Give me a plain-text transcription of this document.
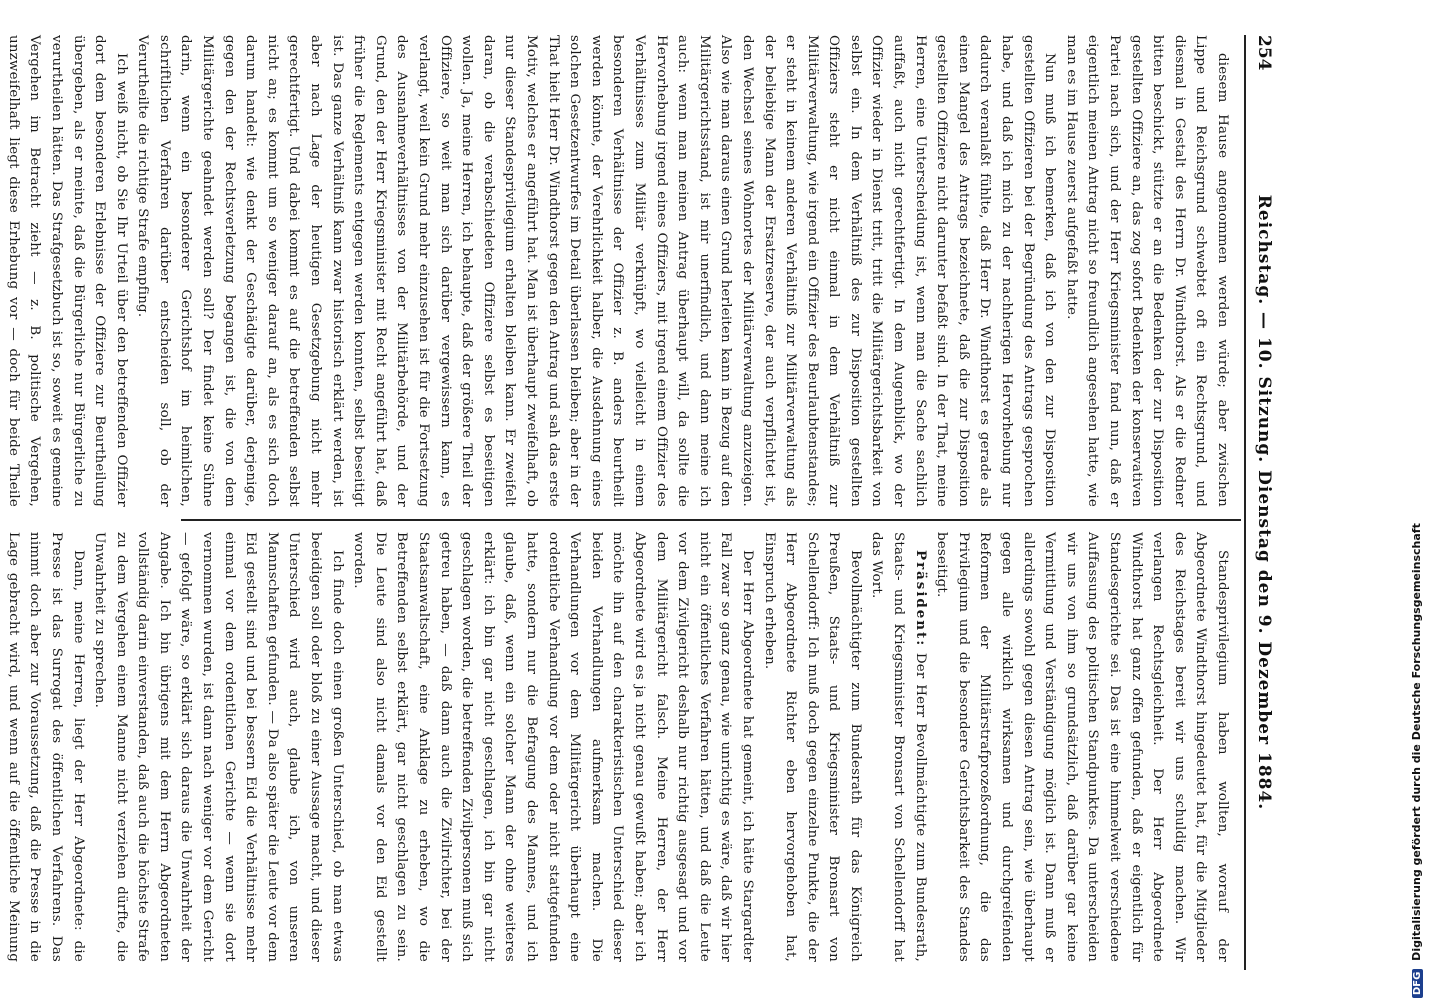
254
Reichstag. — 10. Sitzung. Dienstag den 9. Dezember 1884.

diesem Hause angenommen werden würde; aber zwischen Lippe und Reichsgrund schwebtet oft ein Rechtsgrund, und diesmal in Gestalt des Herrn Dr. Windthorst. Als er die Redner bitten beschickt, stützte er an die Bedenken der zur Disposition gestellten Offiziere an, das zog sofort Bedenken der konservativen Partei nach sich, und der Herr Kriegsminister fand nun, daß er eigentlich meinen Antrag nicht so freundlich angesehen hatte, wie man es im Hause zuerst aufgefaßt hatte.

Nun muß ich bemerken, daß ich von den zur Disposition gestellten Offizieren bei der Begründung des Antrags gesprochen habe, und daß ich mich zu der nachherigen Hervorhebung nur dadurch veranlaßt fühlte, daß Herr Dr. Windthorst es gerade als einen Mangel des Antrags bezeichnete, daß die zur Disposition gestellten Offiziere nicht darunter befaßt sind. In der That, meine Herren, eine Unterscheidung ist, wenn man die Sache sachlich auffaßt, auch nicht gerechtfertigt. In dem Augenblick, wo der Offizier wieder in Dienst tritt, tritt die Militärgerichtsbarkeit von selbst ein. In dem Verhältniß des zur Disposition gestellten Offiziers steht er nicht einmal in dem Verhältniß zur Militärverwaltung, wie irgend ein Offizier des Beurlaubtenstandes; er steht in keinem anderen Verhältniß zur Militärverwaltung als der beliebige Mann der Ersatzreserve, der auch verpflichtet ist, den Wechsel seines Wohnortes der Militärverwaltung anzuzeigen. Also wie man daraus einen Grund herleiten kann in Bezug auf den Militärgerichtsstand, ist mir unerfindlich, und dann meine ich auch: wenn man meinen Antrag überhaupt will, da sollte die Hervorhebung irgend eines Offiziers, mit irgend einem Offizier des Verhältnisses zum Militär verknüpft, wo vielleicht in einem besonderen Verhältnisse der Offizier z. B. anders beurtheilt werden könnte, der Verehrlichkeit halber, die Ausdehnung eines solchen Gesetzentwurfes im Detail überlassen bleiben; aber in der That hielt Herr Dr. Windthorst gegen den Antrag und sah das erste Motiv, welches er angeführt hat. Man ist überhaupt zweifelhaft, ob nur dieser Standesprivilegium erhalten bleiben kann. Er zweifelt daran, ob die verabschiedeten Offiziere selbst es beseitigen wollen. Ja, meine Herren, ich behaupte, daß der größere Theil der Offiziere, so weit man sich darüber vergewissern kann, es verlangt, weil kein Grund mehr einzusehen ist für die Fortsetzung des Ausnahmeverhältnisses von der Militärbehörde, und der Grund, den der Herr Kriegsminister mit Recht angeführt hat, daß früher die Reglements entgegen werden konnten, selbst beseitigt ist. Das ganze Verhältniß kann zwar historisch erklärt werden, ist aber nach Lage der heutigen Gesetzgebung nicht mehr gerechtfertigt. Und dabei kommt es auf die betreffenden selbst nicht an; es kommt um so weniger darauf an, als es sich doch darum handelt: wie denkt der Geschädigte darüber, derjenige, gegen den der Rechtsverletzung begangen ist, die von dem Militärgerichte geahndet werden soll? Der findet keine Sühne darin, wenn ein besonderer Gerichtshof im heimlichen, schriftlichen Verfahren darüber entscheiden soll, ob der Verurtheilte die richtige Strafe empfing.

Ich weiß nicht, ob Sie Ihr Urteil über den betreffenden Offizier dort dem besonderen Erlebnisse der Offiziere zur Beurtheilung übergeben, als er meinte, daß die Bürgerliche nur Bürgerliche zu verurtheilen hätten. Das Strafgesetzbuch ist so, soweit es gemeine Vergehen im Betracht zieht — z. B. politische Vergehen, unzweifelhaft liegt diese Erhebung vor — doch für beide Theile

Standesprivilegium haben wollten, worauf der Abgeordnete Windthorst hingedeutet hat, für die Mitglieder des Reichstages bereit wir uns schuldig machen. Wir verlangen Rechtsgleichheit. Der Herr Abgeordnete Windthorst hat ganz offen gefunden, daß er eigentlich für Standesgerichte sei. Das ist eine himmelweit verschiedene Auffassung des politischen Standpunktes. Da unterscheiden wir uns von ihm so grundsätzlich, daß darüber gar keine Vermittlung und Verständigung möglich ist. Dann muß er allerdings sowohl gegen diesen Antrag sein, wie überhaupt gegen alle wirklich wirksamen und durchgreifenden Reformen der Militärstrafprozeßordnung, die das Privilegium und die besondere Gerichtsbarkeit des Standes beseitigt.

Präsident: Der Herr Bevollmächtigte zum Bundesrath, Staats- und Kriegsminister Bronsart von Schellendorff hat das Wort.

Bevollmächtigter zum Bundesrath für das Königreich Preußen, Staats- und Kriegsminister Bronsart von Schellendorff: Ich muß doch gegen einzelne Punkte, die der Herr Abgeordnete Richter eben hervorgehoben hat, Einspruch erheben.

Der Herr Abgeordnete hat gemeint, ich hätte Stargardter Fall zwar so ganz genau, wie unrichtig es wäre, daß wir hier nicht ein öffentliches Verfahren hätten, und daß die Leute vor dem Zivilgericht deshalb nur richtig ausgesagt und vor dem Militärgericht falsch. Meine Herren, der Herr Abgeordnete wird es ja nicht genau gewußt haben; aber ich möchte ihn auf den charakteristischen Unterschied dieser beiden Verhandlungen aufmerksam machen. Die Verhandlungen vor dem Militärgericht überhaupt eine ordentliche Verhandlung vor dem oder nicht stattgefunden hatte, sondern nur die Befragung des Mannes, und ich glaube, daß, wenn ein solcher Mann der ohne weiteres erklärt: ich bin gar nicht geschlagen, ich bin gar nicht geschlagen worden, die betreffenden Zivilpersonen muß sich getreu haben, — daß dann auch die Zivilrichter, bei der Staatsanwaltschaft, eine Anklage zu erheben, wo die Betreffenden selbst erklärt, gar nicht geschlagen zu sein. Die Leute sind also nicht damals vor den Eid gestellt worden.

Ich finde doch einen großen Unterschied, ob man etwas beeidigen soll oder bloß zu einer Aussage macht, und dieser Unterschied wird auch, glaube ich, von unseren Mannschaften gefunden. — Da also später die Leute vor dem Eid gestellt sind und bei bessern Eid die Verhältnisse mehr einmal vor dem ordentlichen Gerichte — wenn sie dort vernommen wurden, ist dann nach weniger vor dem Gericht — gefolgt wäre, so erklärt sich daraus die Unwahrheit der Angabe. Ich bin übrigens mit dem Herrn Abgeordneten vollständig darin einverstanden, daß auch die höchste Strafe zu dem Vergehen einem Manne nicht verziehen dürfte, die Unwahrheit zu sprechen.

Dann, meine Herren, liegt der Herr Abgeordnete: die Presse ist das Surrogat des öffentlichen Verfahrens. Das nimmt doch aber zur Voraussetzung, daß die Presse in die Lage gebracht wird, und wenn auf die öffentliche Meinung

DFG Digitalisierung gefördert durch die Deutsche Forschungsgemeinschaft
